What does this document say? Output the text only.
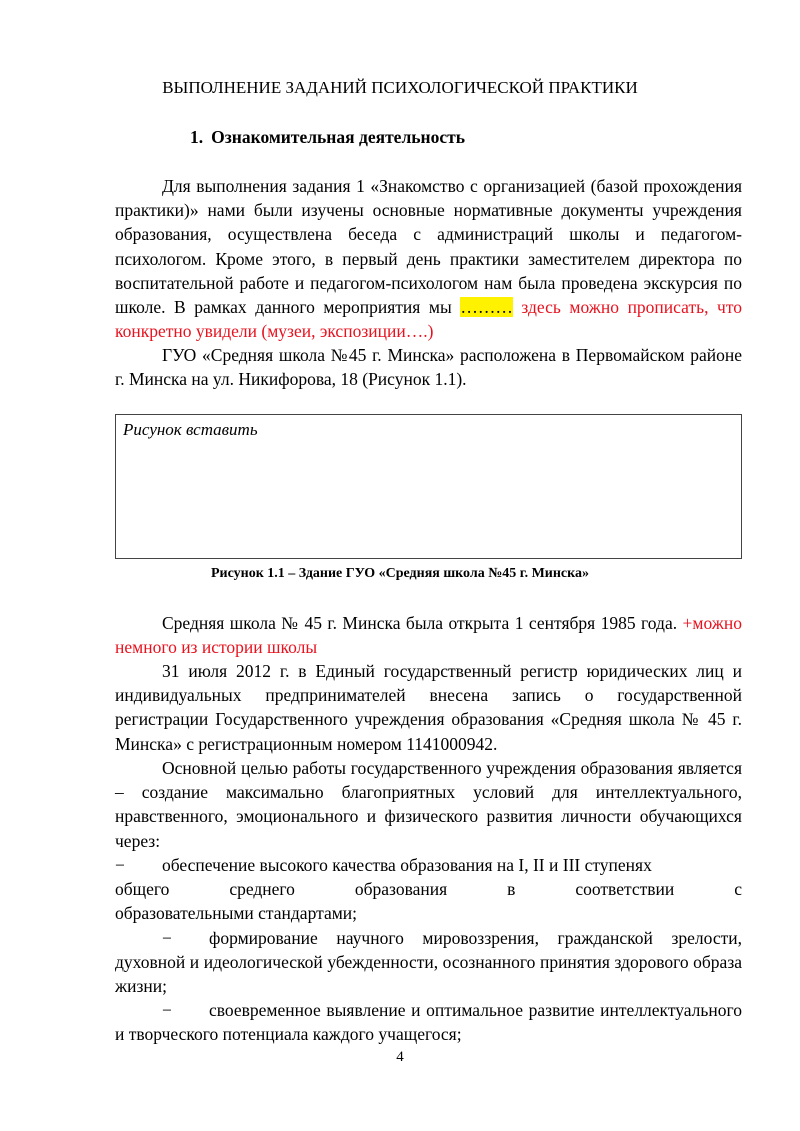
ВЫПОЛНЕНИЕ ЗАДАНИЙ ПСИХОЛОГИЧЕСКОЙ ПРАКТИКИ
1. Ознакомительная деятельность
Для выполнения задания 1 «Знакомство с организацией (базой прохождения практики)» нами были изучены основные нормативные документы учреждения образования, осуществлена беседа с администраций школы и педагогом-психологом. Кроме этого, в первый день практики заместителем директора по воспитательной работе и педагогом-психологом нам была проведена экскурсия по школе. В рамках данного мероприятия мы ……… здесь можно прописать, что конкретно увидели (музеи, экспозиции….)
ГУО «Средняя школа №45 г. Минска» расположена в Первомайском районе г. Минска на ул. Никифорова, 18 (Рисунок 1.1).
Рисунок вставить
Рисунок 1.1 – Здание ГУО «Средняя школа №45 г. Минска»
Средняя школа № 45 г. Минска была открыта 1 сентября 1985 года. +можно немного из истории школы
31 июля 2012 г. в Единый государственный регистр юридических лиц и индивидуальных предпринимателей внесена запись о государственной регистрации Государственного учреждения образования «Средняя школа № 45 г. Минска» с регистрационным номером 1141000942.
Основной целью работы государственного учреждения образования является – создание максимально благоприятных условий для интеллектуального, нравственного, эмоционального и физического развития личности обучающихся через:
− обеспечение высокого качества образования на I, II и III ступенях
общего	среднего	образования	в	соответствии	с
образовательными стандартами;
− формирование научного мировоззрения, гражданской зрелости, духовной и идеологической убежденности, осознанного принятия здорового образа жизни;
− своевременное выявление и оптимальное развитие интеллектуального и творческого потенциала каждого учащегося;
4
